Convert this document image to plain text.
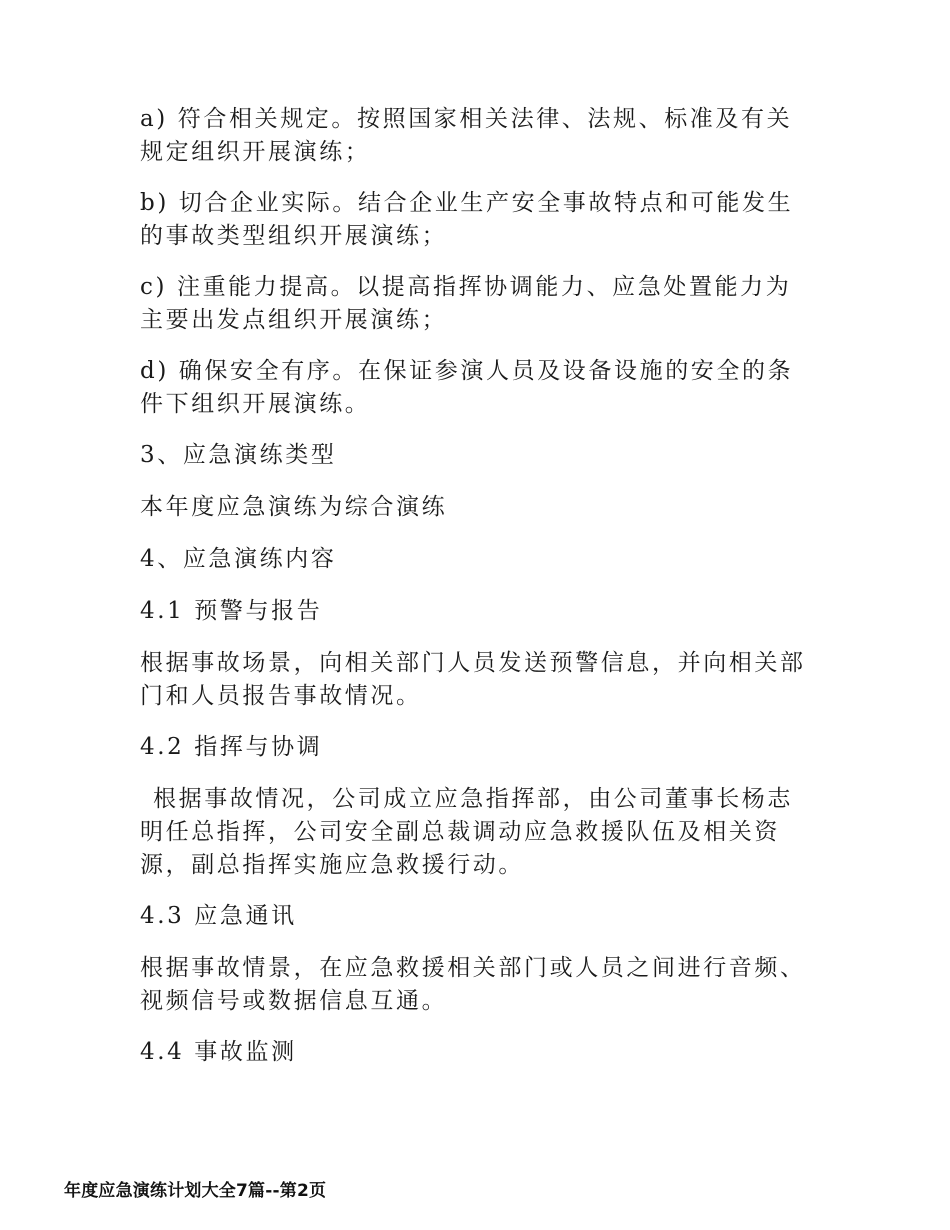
a) 符合相关规定。按照国家相关法律、法规、标准及有关规定组织开展演练；

b) 切合企业实际。结合企业生产安全事故特点和可能发生的事故类型组织开展演练；

c) 注重能力提高。以提高指挥协调能力、应急处置能力为主要出发点组织开展演练；

d) 确保安全有序。在保证参演人员及设备设施的安全的条件下组织开展演练。

3、应急演练类型

本年度应急演练为综合演练

4、应急演练内容

4.1 预警与报告

根据事故场景，向相关部门人员发送预警信息，并向相关部门和人员报告事故情况。

4.2 指挥与协调

根据事故情况，公司成立应急指挥部，由公司董事长杨志明任总指挥，公司安全副总裁调动应急救援队伍及相关资源，副总指挥实施应急救援行动。

4.3 应急通讯

根据事故情景，在应急救援相关部门或人员之间进行音频、视频信号或数据信息互通。

4.4 事故监测

年度应急演练计划大全7篇--第2页
